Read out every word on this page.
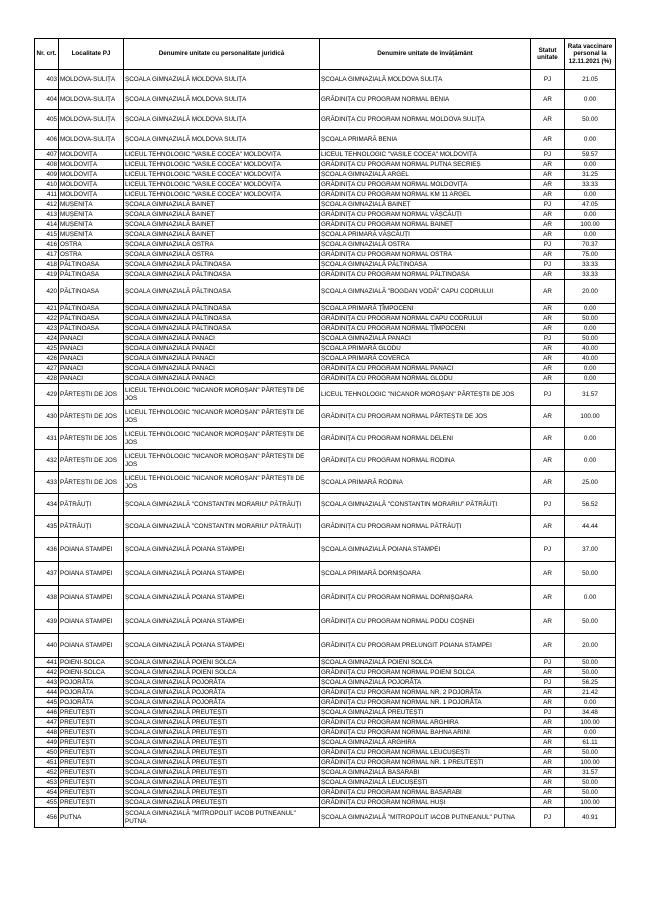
Nr. crt.	Localitate PJ	Denumire unitate cu personalitate juridică	Denumire unitate de învățământ	Statut unitate	Rata vaccinare personal la 12.11.2021 (%)
403	MOLDOVA-SULIȚA	ȘCOALA GIMNAZIALĂ MOLDOVA SULIȚA	ȘCOALA GIMNAZIALĂ MOLDOVA SULIȚA	PJ	21.05
404	MOLDOVA-SULIȚA	ȘCOALA GIMNAZIALĂ MOLDOVA SULIȚA	GRĂDINIȚA CU PROGRAM NORMAL BENIA	AR	0.00
405	MOLDOVA-SULIȚA	ȘCOALA GIMNAZIALĂ MOLDOVA SULIȚA	GRĂDINIȚA CU PROGRAM NORMAL MOLDOVA SULIȚA	AR	50.00
406	MOLDOVA-SULIȚA	ȘCOALA GIMNAZIALĂ MOLDOVA SULIȚA	ȘCOALA PRIMARĂ BENIA	AR	0.00
407	MOLDOVIȚA	LICEUL TEHNOLOGIC "VASILE COCEA" MOLDOVIȚA	LICEUL TEHNOLOGIC "VASILE COCEA" MOLDOVIȚA	PJ	59.57
408	MOLDOVIȚA	LICEUL TEHNOLOGIC "VASILE COCEA" MOLDOVIȚA	GRĂDINIȚA CU PROGRAM NORMAL PUTNA SECRIEȘ	AR	0.00
409	MOLDOVIȚA	LICEUL TEHNOLOGIC "VASILE COCEA" MOLDOVIȚA	ȘCOALA GIMNAZIALĂ ARGEL	AR	31.25
410	MOLDOVIȚA	LICEUL TEHNOLOGIC "VASILE COCEA" MOLDOVIȚA	GRĂDINIȚA CU PROGRAM NORMAL MOLDOVIȚA	AR	33.33
411	MOLDOVIȚA	LICEUL TEHNOLOGIC "VASILE COCEA" MOLDOVIȚA	GRĂDINIȚA CU PROGRAM NORMAL KM 11 ARGEL	AR	0.00
412	MUȘENIȚA	ȘCOALA GIMNAZIALĂ BAINEȚ	ȘCOALA GIMNAZIALĂ BAINEȚ	PJ	47.05
413	MUȘENIȚA	ȘCOALA GIMNAZIALĂ BAINEȚ	GRĂDINIȚA CU PROGRAM NORMAL VĂȘCĂUȚI	AR	0.00
414	MUȘENIȚA	ȘCOALA GIMNAZIALĂ BAINEȚ	GRĂDINIȚA CU PROGRAM NORMAL BAINEȚ	AR	100.00
415	MUȘENIȚA	ȘCOALA GIMNAZIALĂ BAINEȚ	ȘCOALA PRIMARĂ VĂȘCĂUȚI	AR	0.00
416	OSTRA	ȘCOALA GIMNAZIALĂ OSTRA	ȘCOALA GIMNAZIALĂ OSTRA	PJ	70.37
417	OSTRA	ȘCOALA GIMNAZIALĂ OSTRA	GRĂDINIȚA CU PROGRAM NORMAL OSTRA	AR	75.00
418	PĂLTINOASA	ȘCOALA GIMNAZIALĂ PĂLTINOASA	ȘCOALA GIMNAZIALĂ PĂLTINOASA	PJ	33.33
419	PĂLTINOASA	ȘCOALA GIMNAZIALĂ PĂLTINOASA	GRĂDINIȚA CU PROGRAM NORMAL PĂLTINOASA	AR	33.33
420	PĂLTINOASA	ȘCOALA GIMNAZIALĂ PĂLTINOASA	ȘCOALA GIMNAZIALĂ "BOGDAN VODĂ" CAPU CODRULUI	AR	20.00
421	PĂLTINOASA	ȘCOALA GIMNAZIALĂ PĂLTINOASA	ȘCOALA PRIMARĂ ȚÎMPOCENI	AR	0.00
422	PĂLTINOASA	ȘCOALA GIMNAZIALĂ PĂLTINOASA	GRĂDINIȚA CU PROGRAM NORMAL CAPU CODRULUI	AR	50.00
423	PĂLTINOASA	ȘCOALA GIMNAZIALĂ PĂLTINOASA	GRĂDINIȚA CU PROGRAM NORMAL ȚÎMPOCENI	AR	0.00
424	PANACI	ȘCOALA GIMNAZIALĂ PANACI	ȘCOALA GIMNAZIALĂ PANACI	PJ	50.00
425	PANACI	ȘCOALA GIMNAZIALĂ PANACI	ȘCOALA PRIMARĂ GLODU	AR	40.00
426	PANACI	ȘCOALA GIMNAZIALĂ PANACI	ȘCOALA PRIMARĂ COVERCA	AR	40.00
427	PANACI	ȘCOALA GIMNAZIALĂ PANACI	GRĂDINIȚA CU PROGRAM NORMAL PANACI	AR	0.00
428	PANACI	ȘCOALA GIMNAZIALĂ PANACI	GRĂDINIȚA CU PROGRAM NORMAL GLODU	AR	0.00
429	PÂRTEȘTII DE JOS	LICEUL TEHNOLOGIC "NICANOR MOROȘAN" PÂRTEȘTII DE JOS	LICEUL TEHNOLOGIC "NICANOR MOROȘAN" PÂRTEȘTII DE JOS	PJ	31.57
430	PÂRTEȘTII DE JOS	LICEUL TEHNOLOGIC "NICANOR MOROȘAN" PÂRTEȘTII DE JOS	GRĂDINIȚA CU PROGRAM NORMAL PÂRTEȘTII DE JOS	AR	100.00
431	PÂRTEȘTII DE JOS	LICEUL TEHNOLOGIC "NICANOR MOROȘAN" PÂRTEȘTII DE JOS	GRĂDINIȚA CU PROGRAM NORMAL DELENI	AR	0.00
432	PÂRTEȘTII DE JOS	LICEUL TEHNOLOGIC "NICANOR MOROȘAN" PÂRTEȘTII DE JOS	GRĂDINIȚA CU PROGRAM NORMAL RODINA	AR	0.00
433	PÂRTEȘTII DE JOS	LICEUL TEHNOLOGIC "NICANOR MOROȘAN" PÂRTEȘTII DE JOS	ȘCOALA PRIMARĂ RODINA	AR	25.00
434	PĂTRĂUȚI	ȘCOALA GIMNAZIALĂ "CONSTANTIN MORARIU" PĂTRĂUȚI	ȘCOALA GIMNAZIALĂ "CONSTANTIN MORARIU" PĂTRĂUȚI	PJ	56.52
435	PĂTRĂUȚI	ȘCOALA GIMNAZIALĂ "CONSTANTIN MORARIU" PĂTRĂUȚI	GRĂDINIȚA CU PROGRAM NORMAL PĂTRĂUȚI	AR	44.44
436	POIANA STAMPEI	ȘCOALA GIMNAZIALĂ POIANA STAMPEI	ȘCOALA GIMNAZIALĂ POIANA STAMPEI	PJ	37.00
437	POIANA STAMPEI	ȘCOALA GIMNAZIALĂ POIANA STAMPEI	ȘCOALA PRIMARĂ DORNIȘOARA	AR	50.00
438	POIANA STAMPEI	ȘCOALA GIMNAZIALĂ POIANA STAMPEI	GRĂDINIȚA CU PROGRAM NORMAL DORNIȘOARA	AR	0.00
439	POIANA STAMPEI	ȘCOALA GIMNAZIALĂ POIANA STAMPEI	GRĂDINIȚA CU PROGRAM NORMAL PODU COȘNEI	AR	50.00
440	POIANA STAMPEI	ȘCOALA GIMNAZIALĂ POIANA STAMPEI	GRĂDINIȚA CU PROGRAM PRELUNGIT POIANA STAMPEI	AR	20.00
441	POIENI-SOLCA	ȘCOALA GIMNAZIALĂ POIENI SOLCA	ȘCOALA GIMNAZIALĂ POIENI SOLCA	PJ	50.00
442	POIENI-SOLCA	ȘCOALA GIMNAZIALĂ POIENI SOLCA	GRĂDINIȚA CU PROGRAM NORMAL POIENI SOLCA	AR	50.00
443	POJORÂTA	ȘCOALA GIMNAZIALĂ POJORÂTA	ȘCOALA GIMNAZIALĂ POJORÂTA	PJ	56.25
444	POJORÂTA	ȘCOALA GIMNAZIALĂ POJORÂTA	GRĂDINIȚA CU PROGRAM NORMAL NR. 2 POJORÂTA	AR	21.42
445	POJORÂTA	ȘCOALA GIMNAZIALĂ POJORÂTA	GRĂDINIȚA CU PROGRAM NORMAL NR. 1 POJORÂTA	AR	0.00
446	PREUTEȘTI	ȘCOALA GIMNAZIALĂ PREUTEȘTI	ȘCOALA GIMNAZIALĂ PREUTEȘTI	PJ	34.48
447	PREUTEȘTI	ȘCOALA GIMNAZIALĂ PREUTEȘTI	GRĂDINIȚA CU PROGRAM NORMAL ARGHIRA	AR	100.00
448	PREUTEȘTI	ȘCOALA GIMNAZIALĂ PREUTEȘTI	GRĂDINIȚA CU PROGRAM NORMAL BAHNA ARINI	AR	0.00
449	PREUTEȘTI	ȘCOALA GIMNAZIALĂ PREUTEȘTI	ȘCOALA GIMNAZIALĂ ARGHIRA	AR	61.11
450	PREUTEȘTI	ȘCOALA GIMNAZIALĂ PREUTEȘTI	GRĂDINIȚA CU PROGRAM NORMAL LEUCUȘEȘTI	AR	50.00
451	PREUTEȘTI	ȘCOALA GIMNAZIALĂ PREUTEȘTI	GRĂDINIȚA CU PROGRAM NORMAL NR. 1 PREUTEȘTI	AR	100.00
452	PREUTEȘTI	ȘCOALA GIMNAZIALĂ PREUTEȘTI	ȘCOALA GIMNAZIALĂ BASARABI	AR	31.57
453	PREUTEȘTI	ȘCOALA GIMNAZIALĂ PREUTEȘTI	ȘCOALA GIMNAZIALĂ LEUCUȘEȘTI	AR	50.00
454	PREUTEȘTI	ȘCOALA GIMNAZIALĂ PREUTEȘTI	GRĂDINIȚA CU PROGRAM NORMAL BASARABI	AR	50.00
455	PREUTEȘTI	ȘCOALA GIMNAZIALĂ PREUTEȘTI	GRĂDINIȚA CU PROGRAM NORMAL HUȘI	AR	100.00
456	PUTNA	ȘCOALA GIMNAZIALĂ "MITROPOLIT IACOB PUTNEANUL" PUTNA	ȘCOALA GIMNAZIALĂ "MITROPOLIT IACOB PUTNEANUL" PUTNA	PJ	40.91
